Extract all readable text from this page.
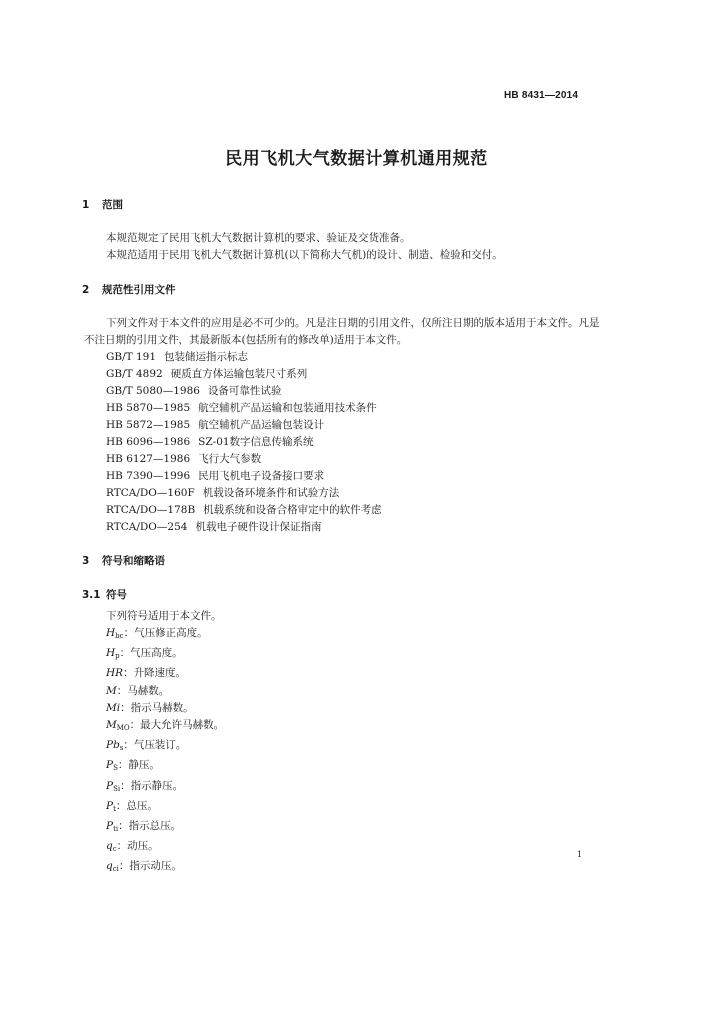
HB 8431—2014
民用飞机大气数据计算机通用规范
1 范围
本规范规定了民用飞机大气数据计算机的要求、验证及交货准备。
本规范适用于民用飞机大气数据计算机(以下简称大气机)的设计、制造、检验和交付。
2 规范性引用文件
下列文件对于本文件的应用是必不可少的。凡是注日期的引用文件，仅所注日期的版本适用于本文件。凡是不注日期的引用文件，其最新版本(包括所有的修改单)适用于本文件。
GB/T 191 包装储运指示标志
GB/T 4892 硬质直方体运输包装尺寸系列
GB/T 5080—1986 设备可靠性试验
HB 5870—1985 航空辅机产品运输和包装通用技术条件
HB 5872—1985 航空辅机产品运输包装设计
HB 6096—1986 SZ-01数字信息传输系统
HB 6127—1986 飞行大气参数
HB 7390—1996 民用飞机电子设备接口要求
RTCA/DO—160F 机载设备环境条件和试验方法
RTCA/DO—178B 机载系统和设备合格审定中的软件考虑
RTCA/DO—254 机载电子硬件设计保证指南
3 符号和缩略语
3.1 符号
下列符号适用于本文件。
$H_{bc}$：气压修正高度。
$H_p$：气压高度。
HR：升降速度。
M：马赫数。
Mi：指示马赫数。
$M_{MO}$：最大允许马赫数。
$Pb_s$：气压装订。
$P_S$：静压。
$P_{Si}$：指示静压。
$P_t$：总压。
$P_{ti}$：指示总压。
$q_c$：动压。
$q_{ci}$：指示动压。
1
